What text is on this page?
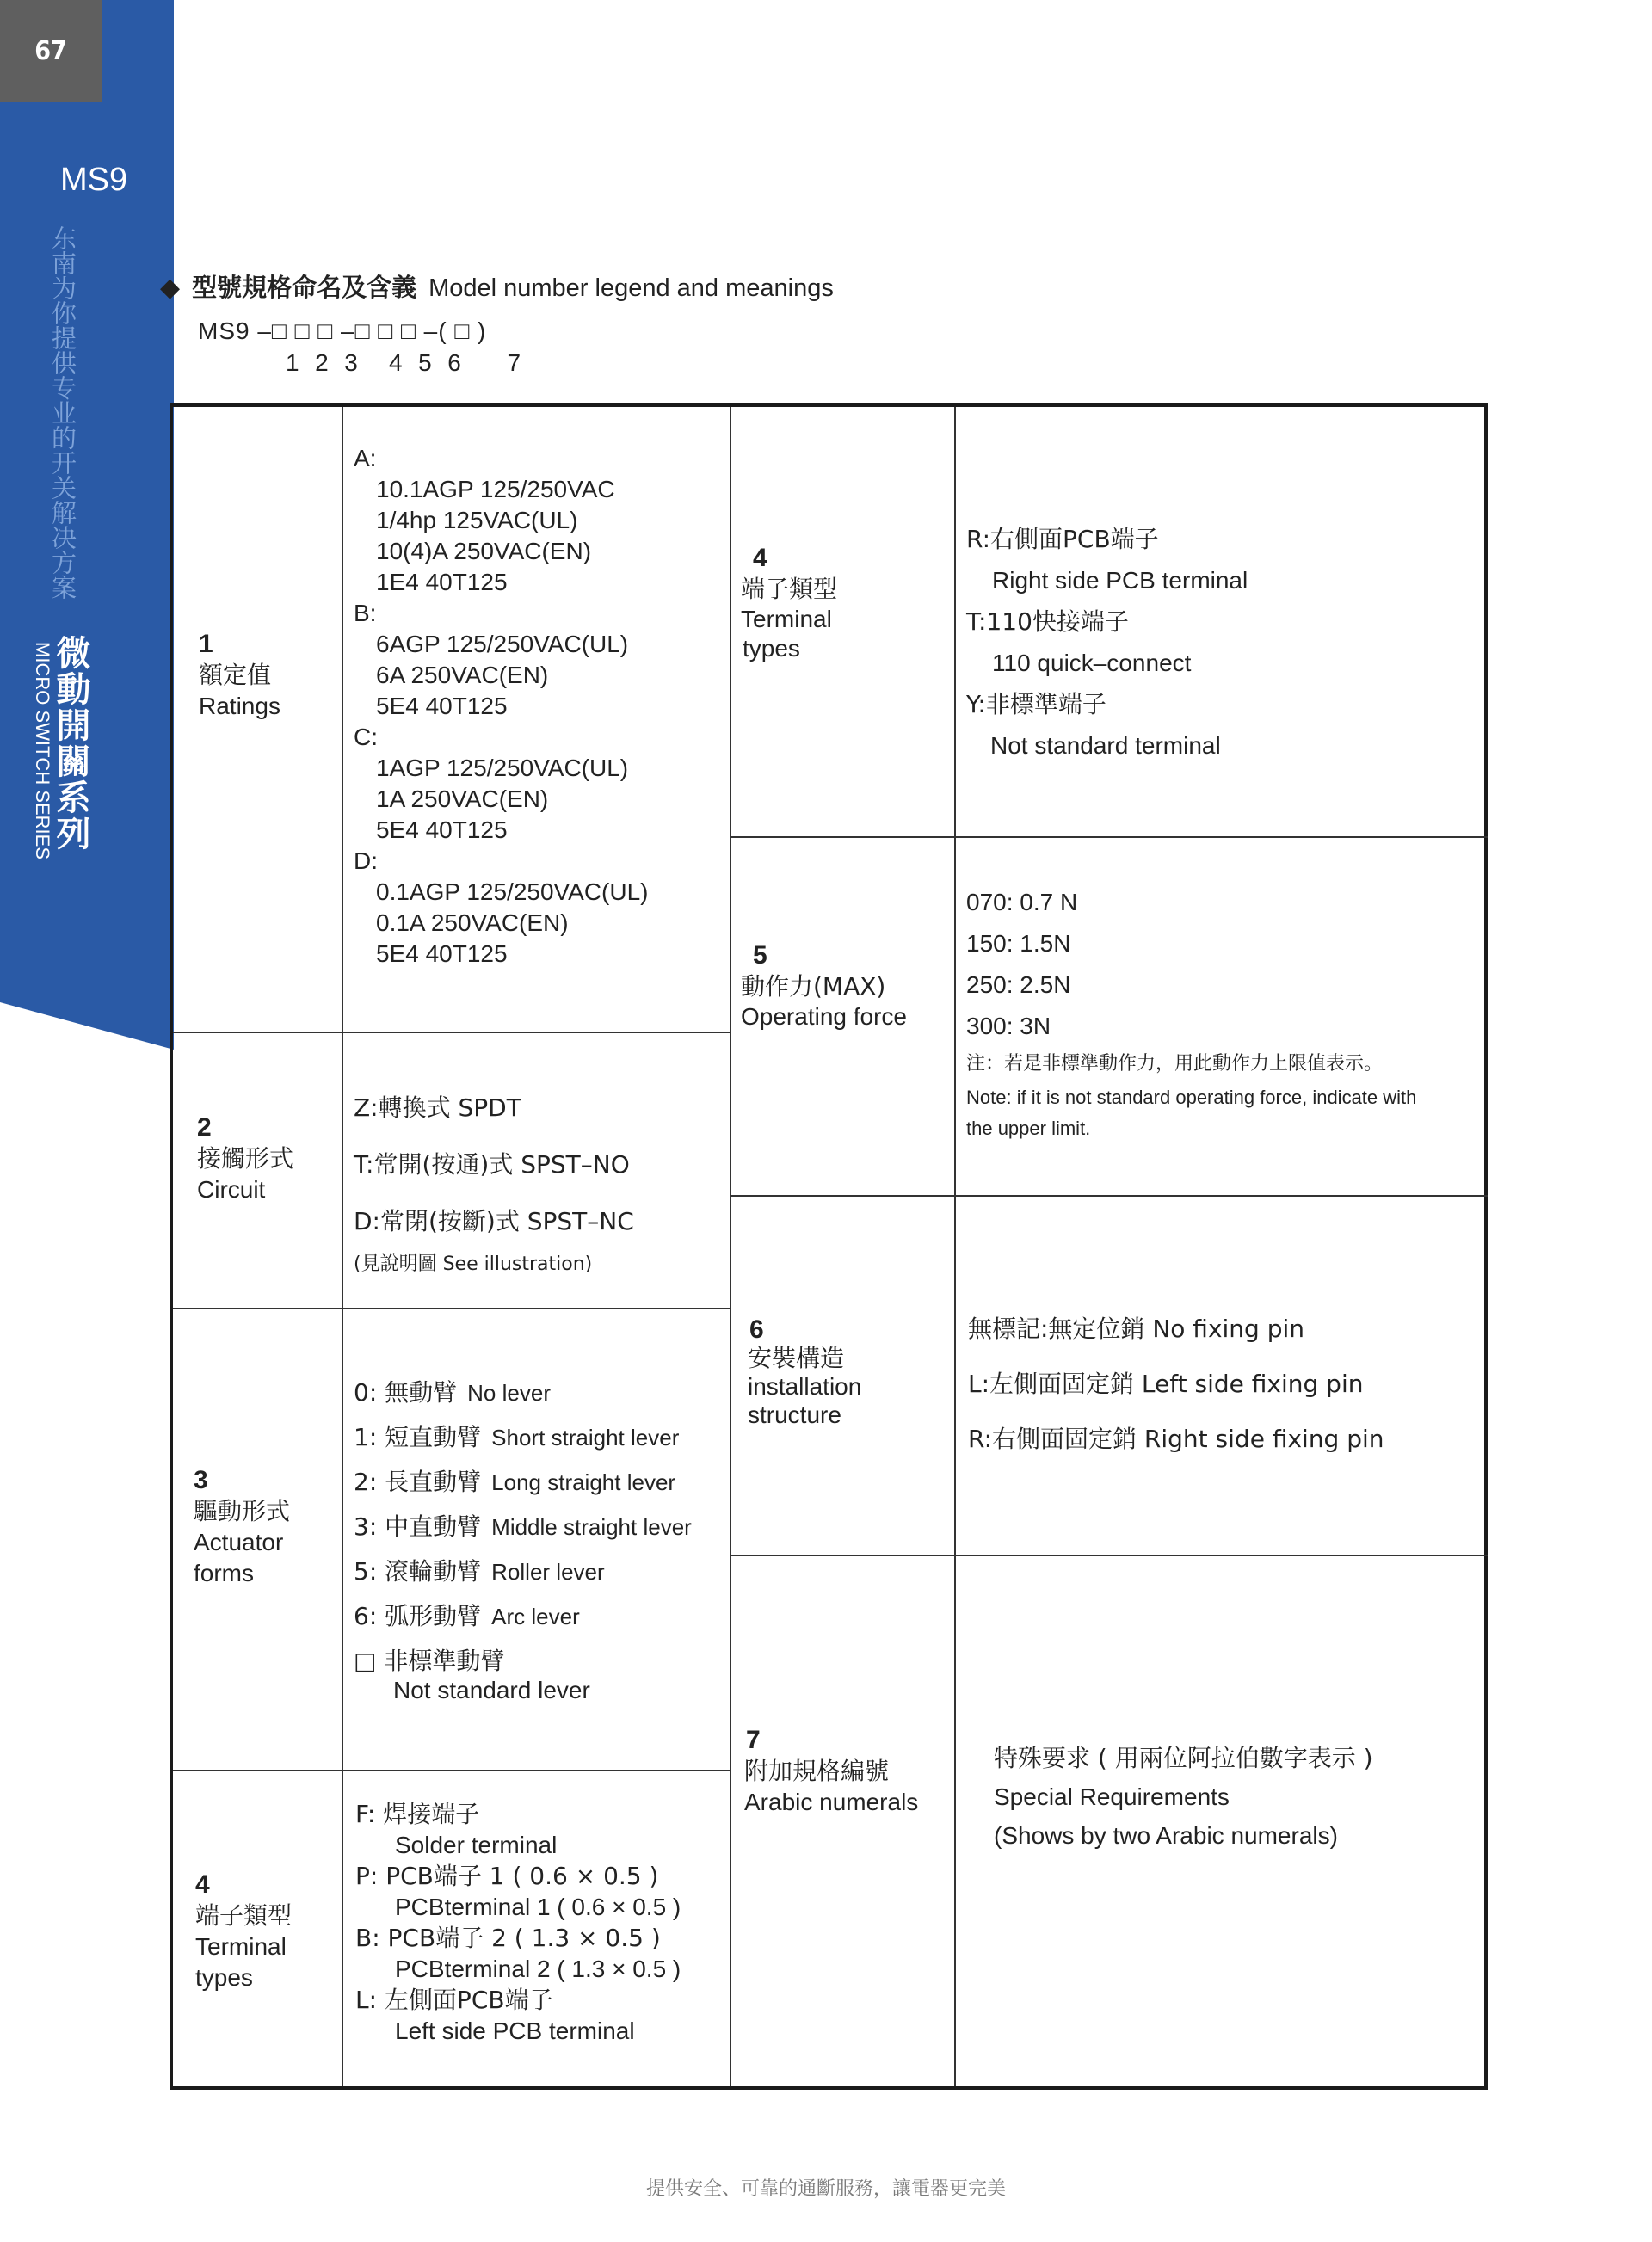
67
MS9
东南为你提供专业的开关解决方案
微動開關系列
MICRO SWITCH SERIES
◆ 型號規格命名及含義 Model number legend and meanings
MS9 –□ □ □ –□ □ □ –( □ )
1  2  3    4  5  6      7
1
額定值
Ratings
A:
10.1AGP 125/250VAC
1/4hp 125VAC(UL)
10(4)A 250VAC(EN)
1E4 40T125
B:
6AGP 125/250VAC(UL)
6A 250VAC(EN)
5E4 40T125
C:
1AGP 125/250VAC(UL)
1A 250VAC(EN)
5E4 40T125
D:
0.1AGP 125/250VAC(UL)
0.1A 250VAC(EN)
5E4 40T125
2
接觸形式
Circuit
Z:轉換式 SPDT
T:常開(按通)式 SPST–NO
D:常閉(按斷)式 SPST–NC
(見說明圖 See illustration)
3
驅動形式
Actuator
forms
0: 無動臂 No lever
1: 短直動臂 Short straight lever
2: 長直動臂 Long straight lever
3: 中直動臂 Middle straight lever
5: 滾輪動臂 Roller lever
6: 弧形動臂 Arc lever
□ 非標準動臂
Not standard lever
4
端子類型
Terminal
types
F: 焊接端子
Solder terminal
P: PCB端子 1 ( 0.6 × 0.5 )
PCBterminal 1 ( 0.6 × 0.5 )
B: PCB端子 2 ( 1.3 × 0.5 )
PCBterminal 2 ( 1.3 × 0.5 )
L: 左側面PCB端子
Left side PCB terminal
4
端子類型
Terminal
types
R:右側面PCB端子
Right side PCB terminal
T:110快接端子
110 quick–connect
Y:非標準端子
Not standard terminal
5
動作力(MAX)
Operating force
070: 0.7 N
150: 1.5N
250: 2.5N
300: 3N
注：若是非標準動作力，用此動作力上限值表示。
Note: if it is not standard operating force, indicate with
the upper limit.
6
安裝構造
installation
structure
無標記:無定位銷 No fixing pin
L:左側面固定銷 Left side fixing pin
R:右側面固定銷 Right side fixing pin
7
附加規格編號
Arabic numerals
特殊要求 ( 用兩位阿拉伯數字表示 )
Special Requirements
(Shows by two Arabic numerals)
提供安全、可靠的通斷服務，讓電器更完美
